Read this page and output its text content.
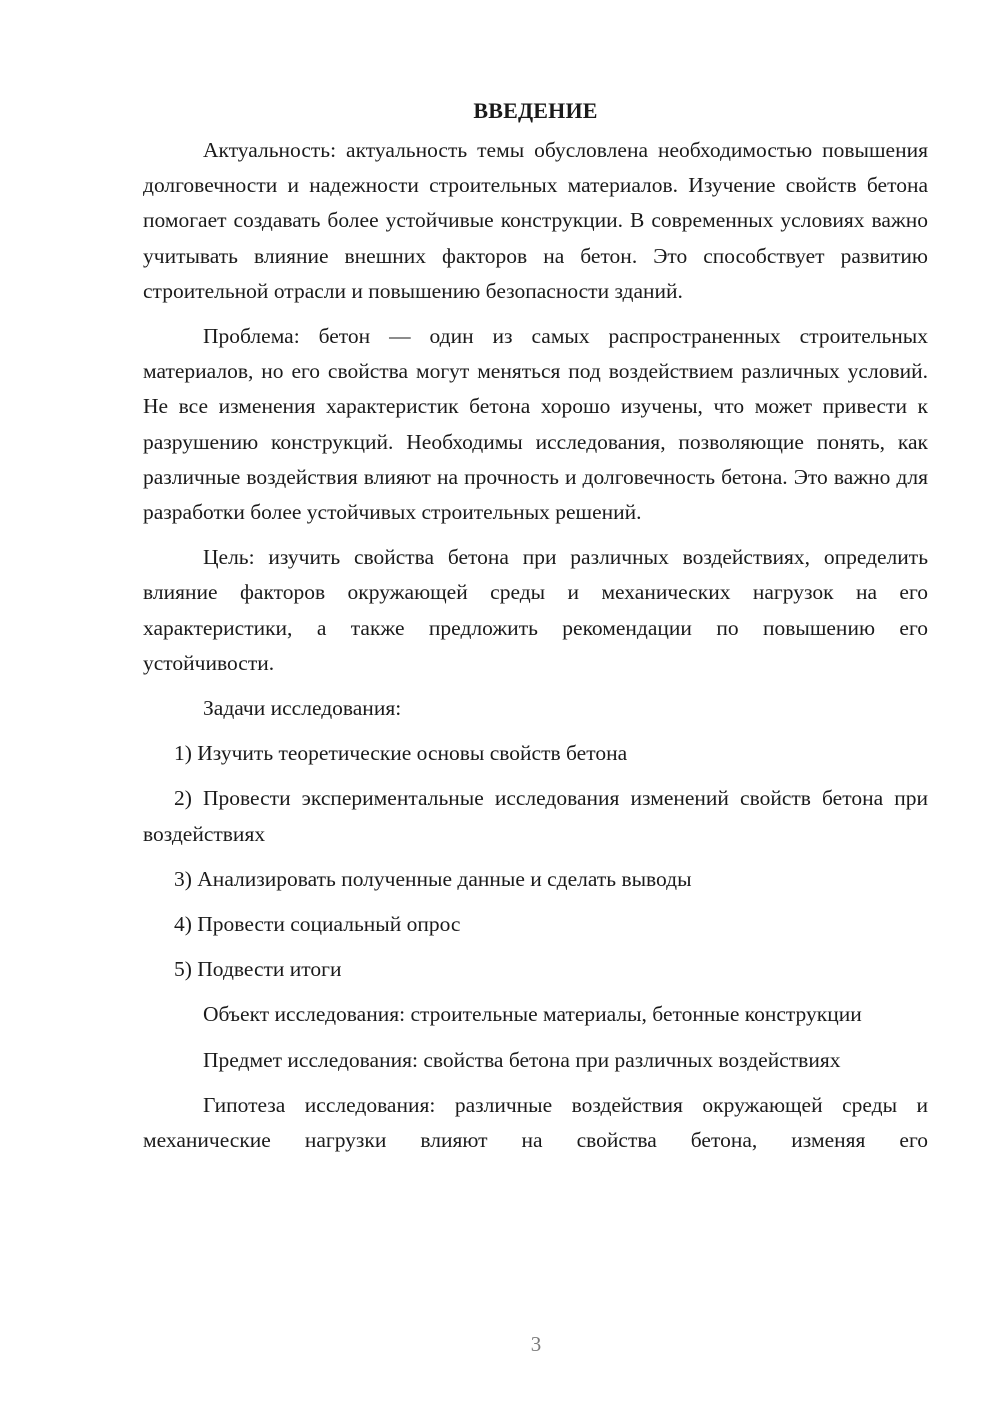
ВВЕДЕНИЕ

Актуальность: актуальность темы обусловлена необходимостью повышения долговечности и надежности строительных материалов. Изучение свойств бетона помогает создавать более устойчивые конструкции. В современных условиях важно учитывать влияние внешних факторов на бетон. Это способствует развитию строительной отрасли и повышению безопасности зданий.

Проблема: бетон — один из самых распространенных строительных материалов, но его свойства могут меняться под воздействием различных условий. Не все изменения характеристик бетона хорошо изучены, что может привести к разрушению конструкций. Необходимы исследования, позволяющие понять, как различные воздействия влияют на прочность и долговечность бетона. Это важно для разработки более устойчивых строительных решений.

Цель: изучить свойства бетона при различных воздействиях, определить влияние факторов окружающей среды и механических нагрузок на его характеристики, а также предложить рекомендации по повышению его устойчивости.

Задачи исследования:

1) Изучить теоретические основы свойств бетона

2) Провести экспериментальные исследования изменений свойств бетона при воздействиях

3) Анализировать полученные данные и сделать выводы

4) Провести социальный опрос

5) Подвести итоги

Объект исследования: строительные материалы, бетонные конструкции

Предмет исследования: свойства бетона при различных воздействиях

Гипотеза исследования: различные воздействия окружающей среды и механические нагрузки влияют на свойства бетона, изменяя его

3
